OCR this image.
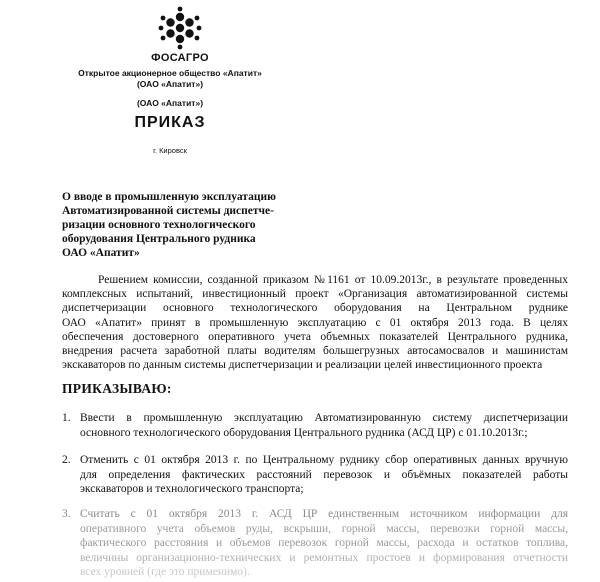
ФОСАГРО
Открытое акционерное общество «Апатит»
(ОАО «Апатит»)
(ОАО «Апатит»)
ПРИКАЗ
г. Кировск
О вводе в промышленную эксплуатацию
Автоматизированной системы диспетче-
ризации основного технологического
оборудования Центрального рудника
ОАО «Апатит»
Решением комиссии, созданной приказом №1161 от 10.09.2013г., в результате проведенных
комплексных испытаний, инвестиционный проект «Организация автоматизированной системы
диспетчеризации основного технологического оборудования на Центральном руднике
ОАО «Апатит» принят в промышленную эксплуатацию с 01 октября 2013 года. В целях
обеспечения достоверного оперативного учета объемных показателей Центрального рудника,
внедрения расчета заработной платы водителям большегрузных автосамосвалов и машинистам
экскаваторов по данным системы диспетчеризации и реализации целей инвестиционного проекта
ПРИКАЗЫВАЮ:
1. Ввести в промышленную эксплуатацию Автоматизированную систему диспетчеризации
основного технологического оборудования Центрального рудника (АСД ЦР) с 01.10.2013г.;
2. Отменить с 01 октября 2013 г. по Центральному руднику сбор оперативных данных вручную
для определения фактических расстояний перевозок и объёмных показателей работы
экскаваторов и технологического транспорта;
3. Считать с 01 октября 2013 г. АСД ЦР единственным источником информации для
оперативного учета объемов руды, вскрыши, горной массы, перевозки горной массы,
фактического расстояния и объемов перевозок горной массы, расхода и остатков топлива,
величины организационно-технических и ремонтных простоев и формирования отчетности
всех уровней (где это применимо).
